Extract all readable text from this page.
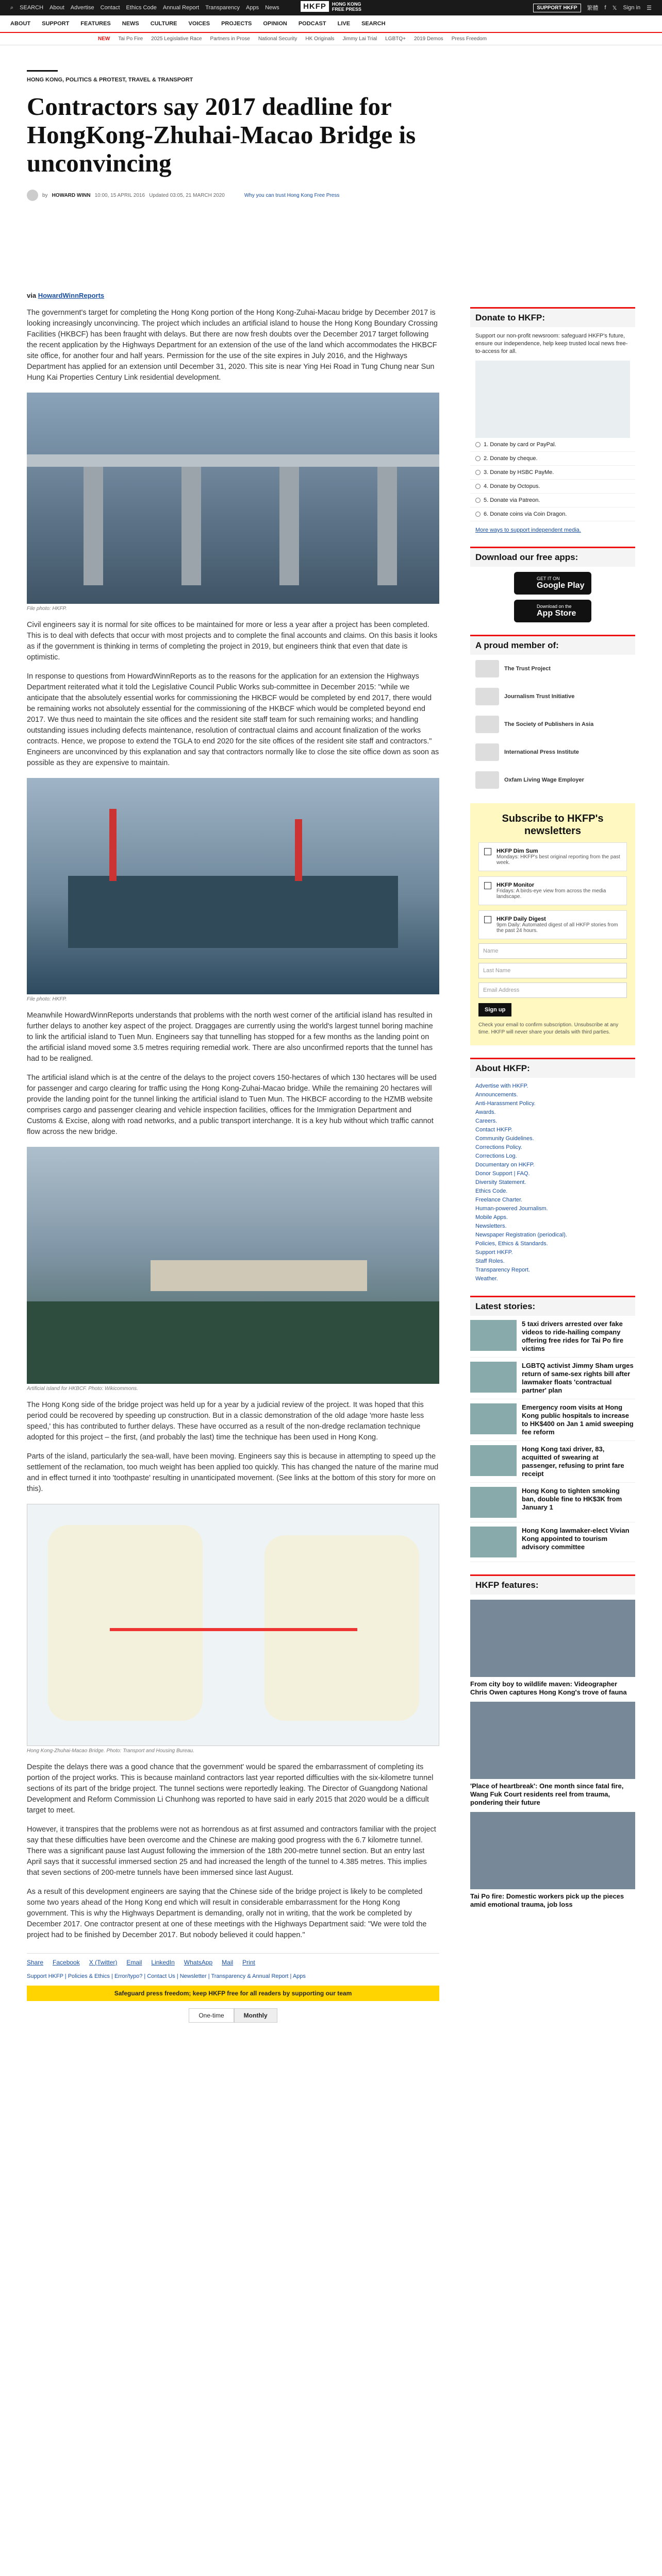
⌕ SEARCH About Advertise Contact Ethics Code Annual Report Transparency Apps News	HKFP	HONG KONG
FREE PRESS	SUPPORT HKFP	繁體 f 𝕏 Sign in ☰
ABOUT SUPPORT FEATURES NEWS CULTURE VOICES PROJECTS OPINION PODCAST LIVE SEARCH
NEW Tai Po Fire 2025 Legislative Race Partners in Prose National Security HK Originals Jimmy Lai Trial LGBTQ+ 2019 Demos Press Freedom
HONG KONG, POLITICS & PROTEST, TRAVEL & TRANSPORT
Contractors say 2017 deadline for HongKong-Zhuhai-Macao Bridge is unconvincing
by HOWARD WINN 10:00, 15 APRIL 2016 Updated 03:05, 21 MARCH 2020	Why you can trust Hong Kong Free Press
via HowardWinnReports

The government's target for completing the Hong Kong portion of the Hong Kong-Zuhai-Macau bridge by December 2017 is looking increasingly unconvincing. The project which includes an artificial island to house the Hong Kong Boundary Crossing Facilities (HKBCF) has been fraught with delays. But there are now fresh doubts over the December 2017 target following the recent application by the Highways Department for an extension of the use of the land which accommodates the HKBCF site office, for another four and half years. Permission for the use of the site expires in July 2016, and the Highways Department has applied for an extension until December 31, 2020. This site is near Ying Hei Road in Tung Chung near Sun Hung Kai Properties Century Link residential development.

File photo: HKFP.

Civil engineers say it is normal for site offices to be maintained for more or less a year after a project has been completed. This is to deal with defects that occur with most projects and to complete the final accounts and claims. On this basis it looks as if the government is thinking in terms of completing the project in 2019, but engineers think that even that date is optimistic.

In response to questions from HowardWinnReports as to the reasons for the application for an extension the Highways Department reiterated what it told the Legislative Council Public Works sub-committee in December 2015: "while we anticipate that the absolutely essential works for commissioning the HKBCF would be completed by end 2017, there would be remaining works not absolutely essential for the commissioning of the HKBCF which would be completed beyond end 2017. We thus need to maintain the site offices and the resident site staff team for such remaining works; and handling outstanding issues including defects maintenance, resolution of contractual claims and account finalization of the works contracts. Hence, we propose to extend the TGLA to end 2020 for the site offices of the resident site staff and contractors." Engineers are unconvinced by this explanation and say that contractors normally like to close the site office down as soon as possible as they are expensive to maintain.

File photo: HKFP.

Meanwhile HowardWinnReports understands that problems with the north west corner of the artificial island has resulted in further delays to another key aspect of the project. Draggages are currently using the world's largest tunnel boring machine to link the artificial island to Tuen Mun. Engineers say that tunnelling has stopped for a few months as the landing point on the artificial island moved some 3.5 metres requiring remedial work. There are also unconfirmed reports that the tunnel has had to be realigned.

The artificial island which is at the centre of the delays to the project covers 150-hectares of which 130 hectares will be used for passenger and cargo clearing for traffic using the Hong Kong-Zuhai-Macao bridge. While the remaining 20 hectares will provide the landing point for the tunnel linking the artificial island to Tuen Mun. The HKBCF according to the HZMB website comprises cargo and passenger clearing and vehicle inspection facilities, offices for the Immigration Department and Customs & Excise, along with road networks, and a public transport interchange. It is a key hub without which traffic cannot flow across the new bridge.

Artificial island for HKBCF. Photo: Wikicommons.

The Hong Kong side of the bridge project was held up for a year by a judicial review of the project. It was hoped that this period could be recovered by speeding up construction. But in a classic demonstration of the old adage 'more haste less speed,' this has contributed to further delays. These have occurred as a result of the non-dredge reclamation technique adopted for this project – the first, (and probably the last) time the technique has been used in Hong Kong.

Parts of the island, particularly the sea-wall, have been moving. Engineers say this is because in attempting to speed up the settlement of the reclamation, too much weight has been applied too quickly. This has changed the nature of the marine mud and in effect turned it into 'toothpaste' resulting in unanticipated movement. (See links at the bottom of this story for more on this).

Hong Kong-Zhuhai-Macao Bridge. Photo: Transport and Housing Bureau.

Despite the delays there was a good chance that the government' would be spared the embarrassment of completing its portion of the project works. This is because mainland contractors last year reported difficulties with the six-kilometre tunnel sections of its part of the bridge project. The tunnel sections were reportedly leaking. The Director of Guangdong National Development and Reform Commission Li Chunhong was reported to have said in early 2015 that 2020 would be a difficult target to meet.

However, it transpires that the problems were not as horrendous as at first assumed and contractors familiar with the project say that these difficulties have been overcome and the Chinese are making good progress with the 6.7 kilometre tunnel. There was a significant pause last August following the immersion of the 18th 200-metre tunnel section. But an entry last April says that it successful immersed section 25 and had increased the length of the tunnel to 4.385 metres. This implies that seven sections of 200-metre tunnels have been immersed since last August.

As a result of this development engineers are saying that the Chinese side of the bridge project is likely to be completed some two years ahead of the Hong Kong end which will result in considerable embarrassment for the Hong Kong government. This is why the Highways Department is demanding, orally not in writing, that the work be completed by December 2017. One contractor present at one of these meetings with the Highways Department said: "We were told the project had to be finished by December 2017. But nobody believed it could happen."

Share Facebook X (Twitter) Email LinkedIn WhatsApp Mail Print
Support HKFP | Policies & Ethics | Error/typo? | Contact Us | Newsletter | Transparency & Annual Report | Apps
Safeguard press freedom; keep HKFP free for all readers by supporting our team
One-time	Monthly
Donate to HKFP:

Support our non-profit newsroom: safeguard HKFP's future, ensure our independence, help keep trusted local news free-to-access for all.

1. Donate by card or PayPal.
2. Donate by cheque.
3. Donate by HSBC PayMe.
4. Donate by Octopus.
5. Donate via Patreon.
6. Donate coins via Coin Dragon.

More ways to support independent media.

Download our free apps:
GET IT ON
Google Play
Download on the
App Store
A proud member of:
The Trust Project
Journalism Trust Initiative
The Society of Publishers in Asia
International Press Institute
Oxfam Living Wage Employer
Subscribe to HKFP's newsletters
HKFP Dim Sum
Mondays: HKFP's best original reporting from the past week.
HKFP Monitor
Fridays: A birds-eye view from across the media landscape.
HKFP Daily Digest
9pm Daily: Automated digest of all HKFP stories from the past 24 hours.
Name
Last Name
Email Address
Sign up
Check your email to confirm subscription. Unsubscribe at any time. HKFP will never share your details with third parties.
About HKFP:
Advertise with HKFP.
Announcements.
Anti-Harassment Policy.
Awards.
Careers.
Contact HKFP.
Community Guidelines.
Corrections Policy.
Corrections Log.
Documentary on HKFP.
Donor Support | FAQ.
Diversity Statement.
Ethics Code.
Freelance Charter.
Human-powered Journalism.
Mobile Apps.
Newsletters.
Newspaper Registration (periodical).
Policies, Ethics & Standards.
Support HKFP.
Staff Roles.
Transparency Report.
Weather.
Latest stories:
5 taxi drivers arrested over fake videos to ride-hailing company offering free rides for Tai Po fire victims
LGBTQ activist Jimmy Sham urges return of same-sex rights bill after lawmaker floats 'contractual partner' plan
Emergency room visits at Hong Kong public hospitals to increase to HK$400 on Jan 1 amid sweeping fee reform
Hong Kong taxi driver, 83, acquitted of swearing at passenger, refusing to print fare receipt
Hong Kong to tighten smoking ban, double fine to HK$3K from January 1
Hong Kong lawmaker-elect Vivian Kong appointed to tourism advisory committee
HKFP features:
From city boy to wildlife maven: Videographer Chris Owen captures Hong Kong's trove of fauna
'Place of heartbreak': One month since fatal fire, Wang Fuk Court residents reel from trauma, pondering their future
Tai Po fire: Domestic workers pick up the pieces amid emotional trauma, job loss
